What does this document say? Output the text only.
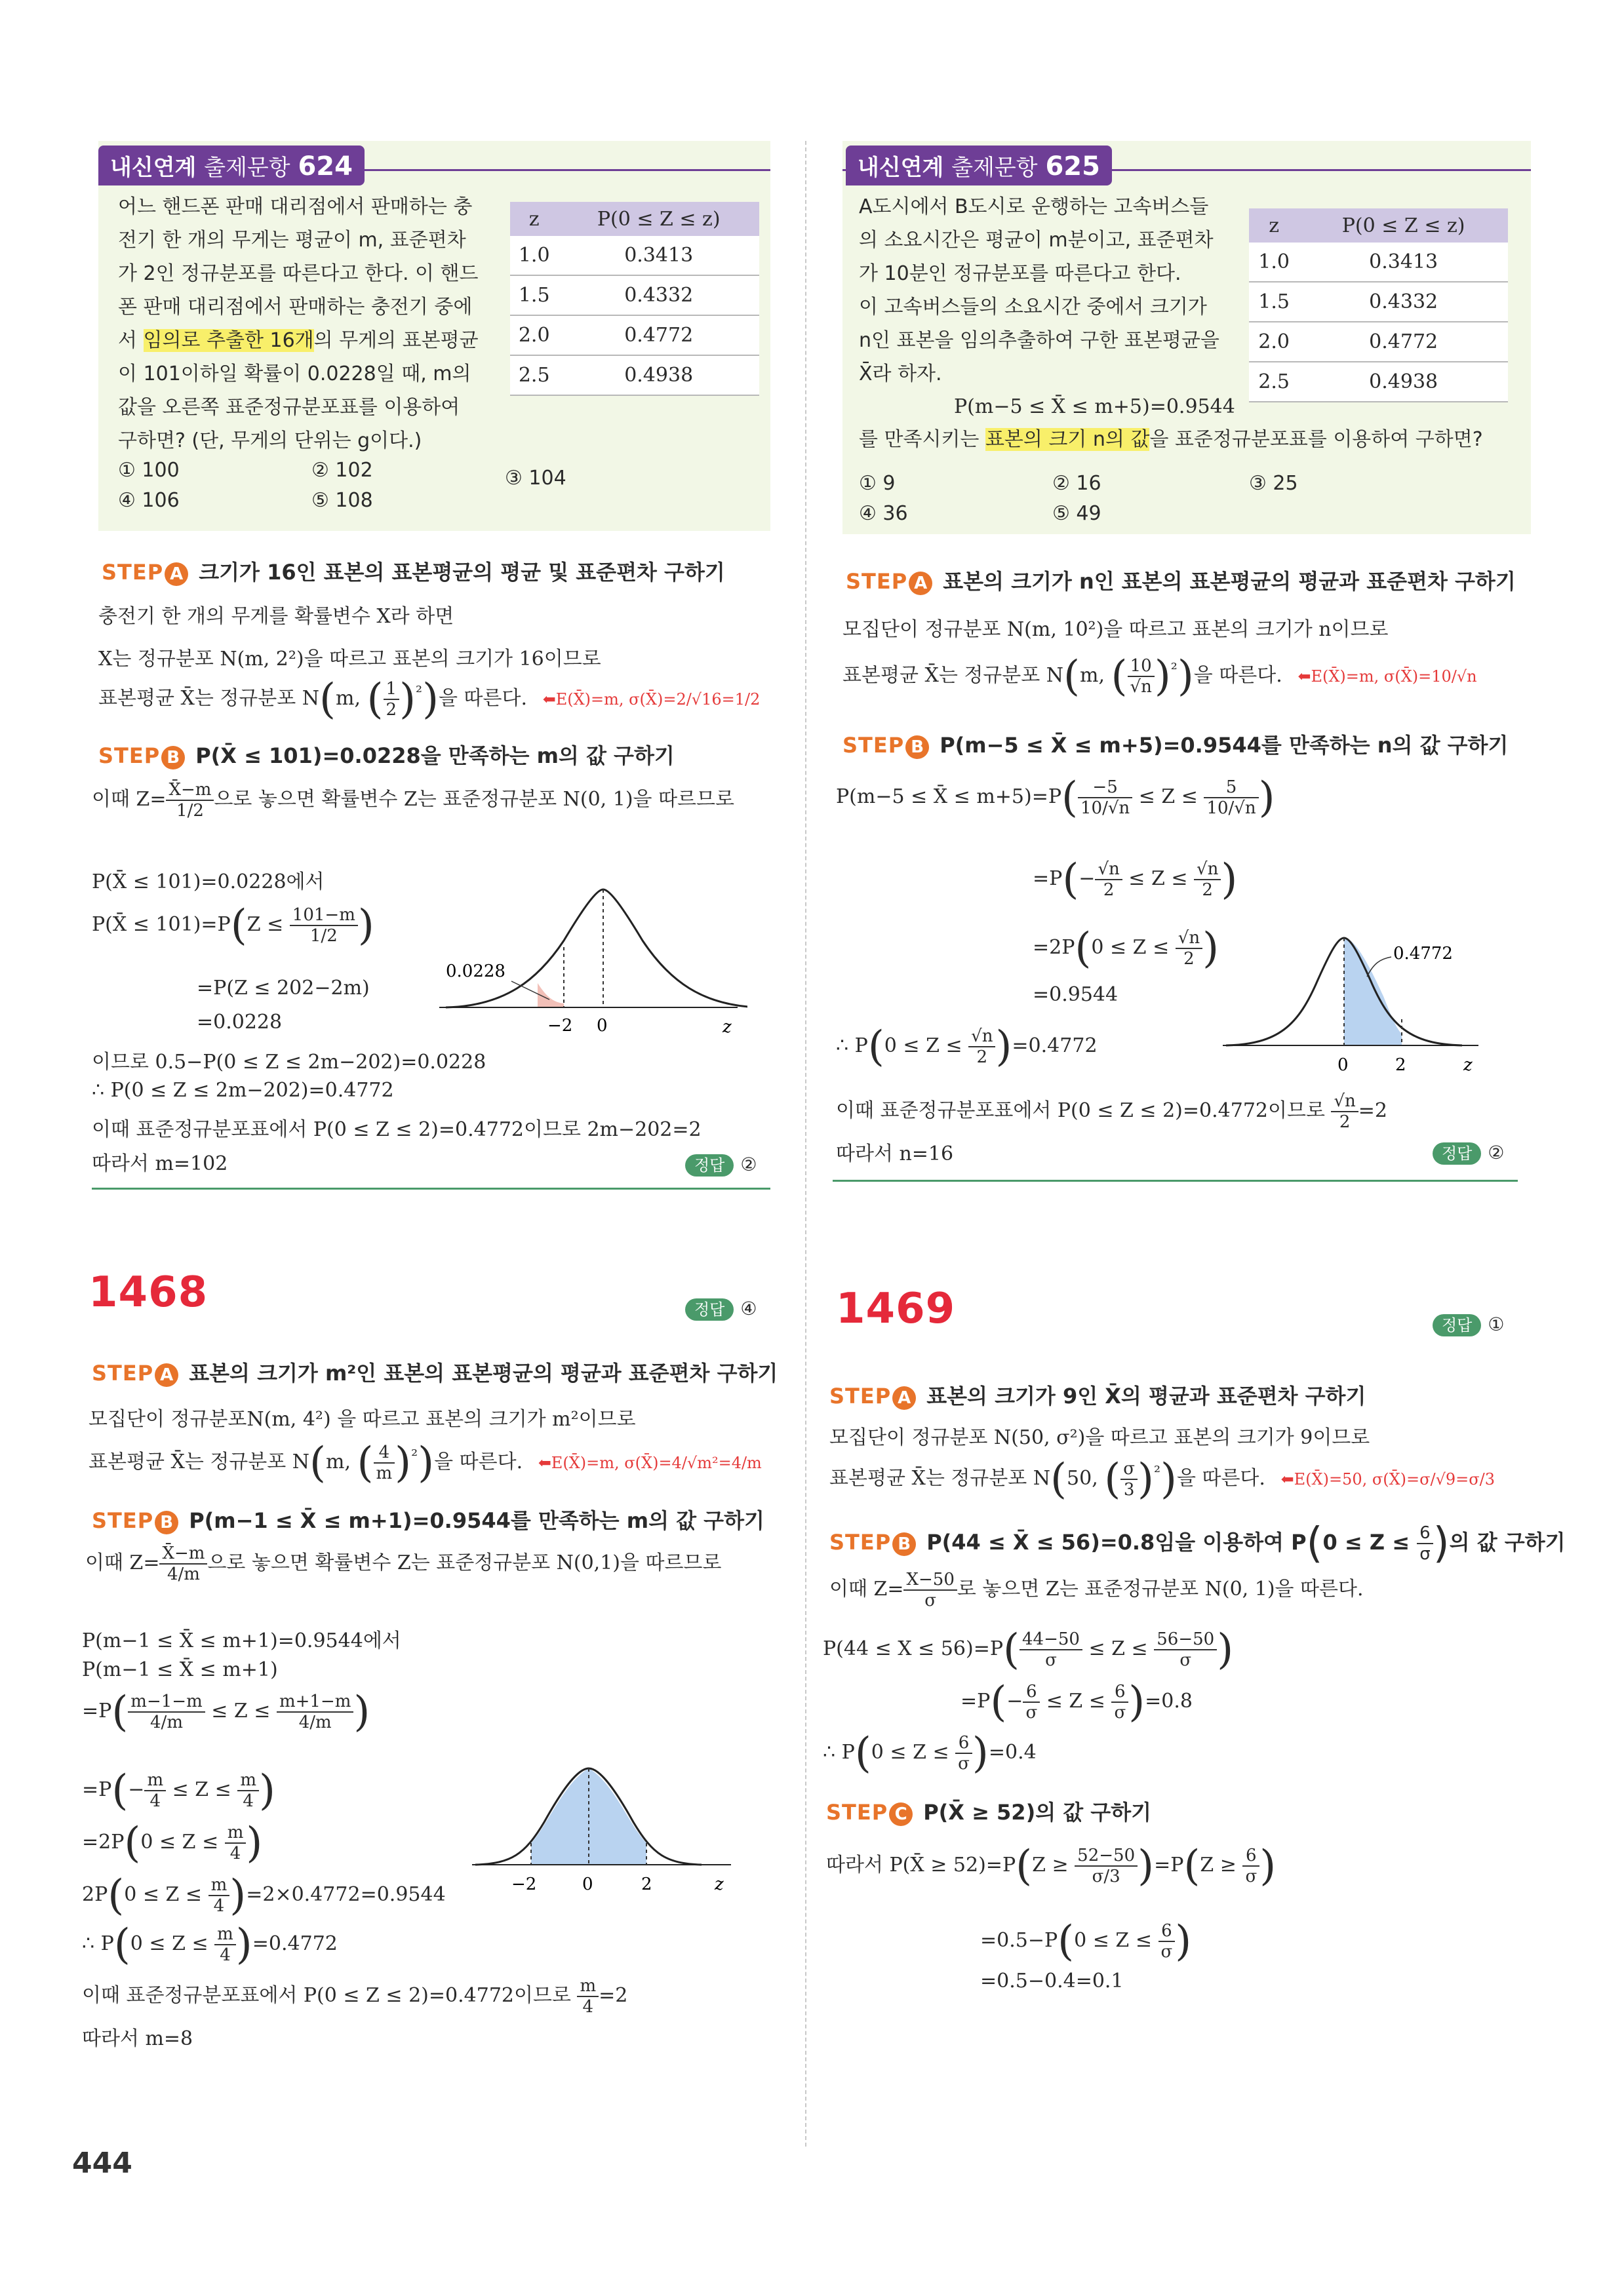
내신연계 출제문항 624
어느 핸드폰 판매 대리점에서 판매하는 충
전기 한 개의 무게는 평균이 m, 표준편차
가 2인 정규분포를 따른다고 한다. 이 핸드
폰 판매 대리점에서 판매하는 충전기 중에
서 임의로 추출한 16개의 무게의 표본평균
이 101이하일 확률이 0.0228일 때, m의
값을 오른쪽 표준정규분포표를 이용하여
구하면? (단, 무게의 단위는 g이다.)
z	P(0 ≤ Z ≤ z)
1.0	0.3413
1.5	0.4332
2.0	0.4772
2.5	0.4938
① 100	② 102	③ 104
④ 106	⑤ 108
STEP A 크기가 16인 표본의 표본평균의 평균 및 표준편차 구하기
충전기 한 개의 무게를 확률변수 X라 하면
X는 정규분포 N(m, 2²)을 따르고 표본의 크기가 16이므로
표본평균 X̄는 정규분포 N(m, ( $\frac{1}{2} )^{^2}$)을 따른다. ⬅E(X̄)=m, σ(X̄)=2/√16=1/2
STEP B P(X̄ ≤ 101)=0.0228을 만족하는 m의 값 구하기
이때 $Z= \frac{X̄-m}{1/2}$ 으로 놓으면 확률변수 Z는 표준정규분포 N(0, 1)을 따르므로
P(X̄ ≤ 101)=0.0228에서
P(X̄ ≤ $101)=P(Z \le \frac{101-m}{1/2}$ )
=P(Z ≤ 202−2m)
=0.0228
이므로 0.5−P(0 ≤ Z ≤ 2m−202)=0.0228
∴ P(0 ≤ Z ≤ 2m−202)=0.4772
이때 표준정규분포표에서 P(0 ≤ Z ≤ 2)=0.4772이므로 2m−202=2
따라서 m=102	정답 ②
0.0228
−2 0	z
내신연계 출제문항 625
A도시에서 B도시로 운행하는 고속버스들
의 소요시간은 평균이 m분이고, 표준편차
가 10분인 정규분포를 따른다고 한다.
이 고속버스들의 소요시간 중에서 크기가
n인 표본을 임의추출하여 구한 표본평균을
X̄라 하자.
P(m−5 ≤ X̄ ≤ m+5)=0.9544
를 만족시키는 표본의 크기 n의 값을 표준정규분포표를 이용하여 구하면?
z	P(0 ≤ Z ≤ z)
1.0	0.3413
1.5	0.4332
2.0	0.4772
2.5	0.4938
① 9	② 16	③ 25
④ 36	⑤ 49
STEP A 표본의 크기가 n인 표본의 표본평균의 평균과 표준편차 구하기
모집단이 정규분포 N(m, 10²)을 따르고 표본의 크기가 n이므로
표본평균 X̄는 정규분포 N(m, ( $\frac{10}{√n} )^{^2}$)을 따른다. ⬅E(X̄)=m, σ(X̄)=10/√n
STEP B P(m−5 ≤ X̄ ≤ m+5)=0.9544를 만족하는 n의 값 구하기
P(m−5 ≤ X̄ ≤ $m+5)=P( \frac{-5}{10/√n} \le Z \le \frac{5}{10/√n}$ )
$=P(- \frac{√n}{2} \le Z \le \frac{√n}{2}$ )
$=2P(0 \le Z \le \frac{√n}{2}$ )
=0.9544
∴ $P(0 \le Z \le \frac{√n}{2} )=0.4772$
이때 표준정규분포표에서 P(0 ≤ Z ≤ 2)=0.4772이므로 $\frac{√n}{2} =2$
따라서 n=16	정답 ②
0.4772
0	2	z
1468	정답 ④
STEP A 표본의 크기가 m²인 표본의 표본평균의 평균과 표준편차 구하기
모집단이 정규분포N(m, 4²) 을 따르고 표본의 크기가 m²이므로
표본평균 X̄는 정규분포 N(m, ( $\frac{4}{m} )^{^2}$)을 따른다. ⬅E(X̄)=m, σ(X̄)=4/√m²=4/m
STEP B P(m−1 ≤ X̄ ≤ m+1)=0.9544를 만족하는 m의 값 구하기
이때 $Z= \frac{X̄-m}{4/m}$ 으로 놓으면 확률변수 Z는 표준정규분포 N(0,1)을 따르므로
P(m−1 ≤ X̄ ≤ m+1)=0.9544에서
P(m−1 ≤ X̄ ≤ m+1)
$=P( \frac{m-1-m}{4/m} \le Z \le \frac{m+1-m}{4/m}$ )
$=P(- \frac{m}{4} \le Z \le \frac{m}{4}$ )
$=2P(0 \le Z \le \frac{m}{4}$ )
$2P(0 \le Z \le \frac{m}{4} )=2\times 0.4772=0.9544$
∴ $P(0 \le Z \le \frac{m}{4} )=0.4772$
이때 표준정규분포표에서 P(0 ≤ Z ≤ 2)=0.4772이므로 $\frac{m}{4} =2$
따라서 m=8
−2	0	2	z
1469	정답 ①
STEP A 표본의 크기가 9인 X̄의 평균과 표준편차 구하기
모집단이 정규분포 N(50, σ²)을 따르고 표본의 크기가 9이므로
표본평균 X̄는 정규분포 N(50, ( $\frac{\sigma}{3} )^{^2}$)을 따른다. ⬅E(X̄)=50, σ(X̄)=σ/√9=σ/3
STEP B P(44 ≤ X̄ ≤ 56)=0.8임을 이용하여 $P(0 \le Z \le \frac{6}{\sigma}$ )의 값 구하기
이때 $Z= \frac{X-50}{\sigma}$ 로 놓으면 Z는 표준정규분포 N(0, 1)을 따른다.
$P(44 \le X \le 56)=P( \frac{44-50}{\sigma} \le Z \le \frac{56-50}{\sigma}$ )
$=P(- \frac{6}{\sigma} \le Z \le \frac{6}{\sigma} )=0.8$
∴ $P(0 \le Z \le \frac{6}{\sigma} )=0.4$
STEP C P(X̄ ≥ 52)의 값 구하기
따라서 P(X̄ ≥ $52)=P(Z \ge \frac{52-50}{\sigma/3} )=P(Z \ge \frac{6}{\sigma}$ )
$=0.5-P(0 \le Z \le \frac{6}{\sigma}$ )
=0.5−0.4=0.1
444
